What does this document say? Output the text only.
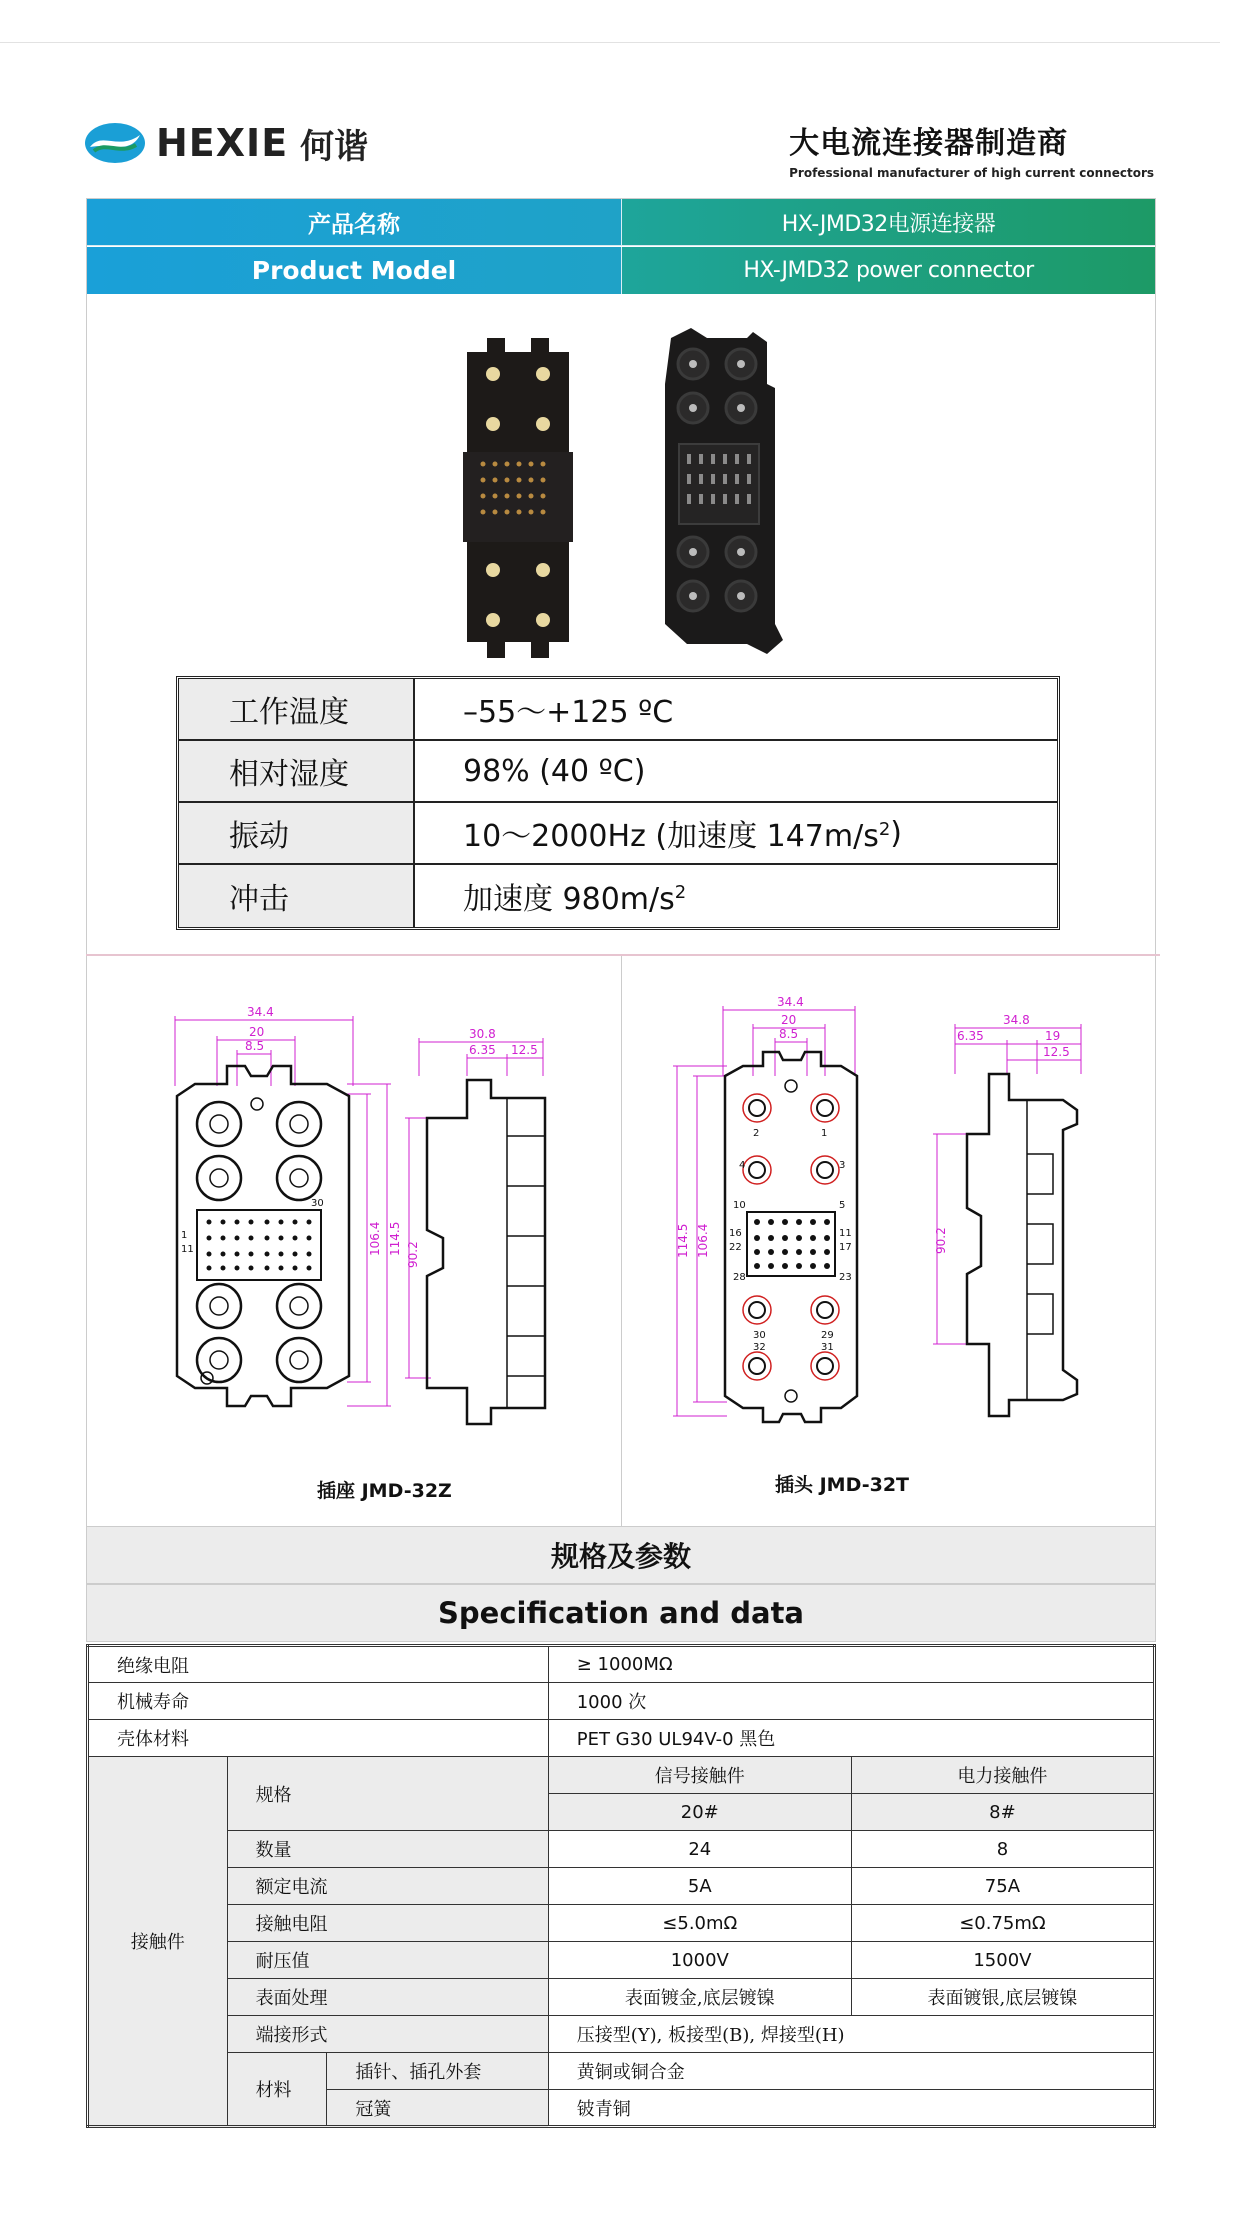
HEXIE 何谐	大电流连接器制造商
Professional manufacturer of high current connectors
产品名称	HX-JMD32电源连接器
Product Model	HX-JMD32 power connector
工作温度	–55～+125 ºC
相对湿度	98% (40 ºC)
振动	10～2000Hz (加速度 $147m/s^2$ )
冲击	加速度 $980m/s^2$
34.4
20
8.5
106.4 114.5
30
1
11
30.8
6.35 12.5
90.2
34.4
20
8.5
114.5 106.4
2	1
4	3
10	5
16	11
22	17
28	23
30	29
32	31
34.8
6.35	19
12.5
90.2
插座 JMD-32Z	插头 JMD-32T
规格及参数
Specification and data
绝缘电阻			≥ 1000MΩ	
机械寿命			1000 次	
壳体材料			PET G30 UL94V-0 黑色	
接触件	规格		信号接触件	电力接触件
			20#	8#
	数量		24	8
	额定电流		5A	75A
	接触电阻		≤5.0mΩ	≤0.75mΩ
	耐压值		1000V	1500V
	表面处理		表面镀金,底层镀镍	表面镀银,底层镀镍
	端接形式		压接型(Y), 板接型(B), 焊接型(H)	
	材料	插针、插孔外套	黄铜或铜合金	
		冠簧	铍青铜	
